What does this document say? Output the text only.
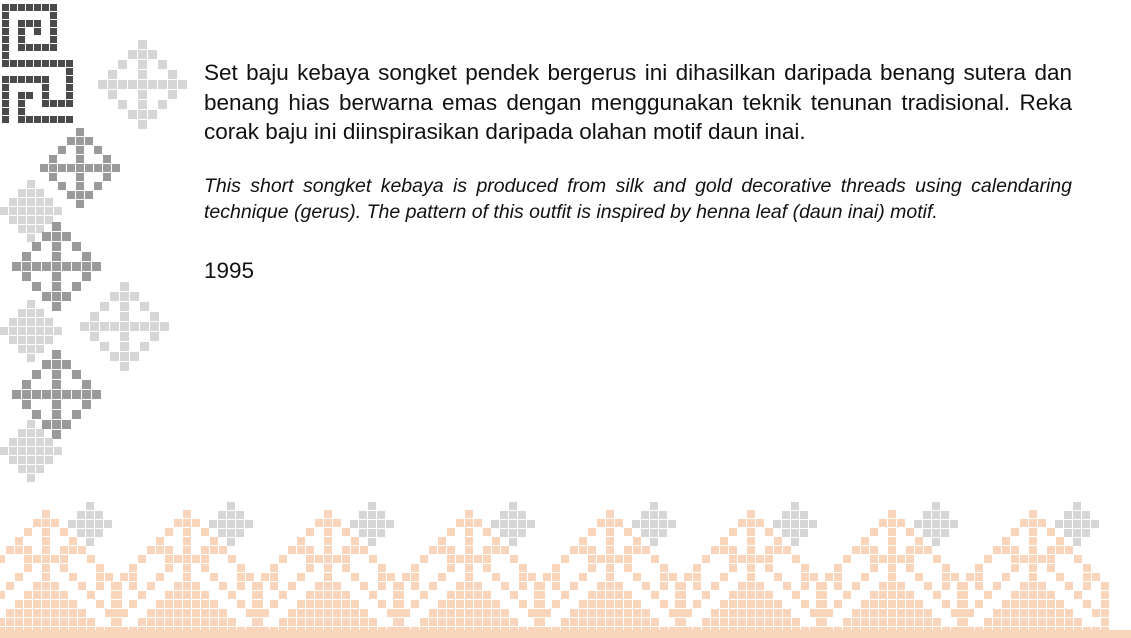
Set baju kebaya songket pendek bergerus ini dihasilkan daripada benang sutera dan benang hias berwarna emas dengan menggunakan teknik tenunan tradisional. Reka corak baju ini diinspirasikan daripada olahan motif daun inai.

This short songket kebaya is produced from silk and gold decorative threads using calendaring technique (gerus). The pattern of this outfit is inspired by henna leaf (daun inai) motif.

1995
